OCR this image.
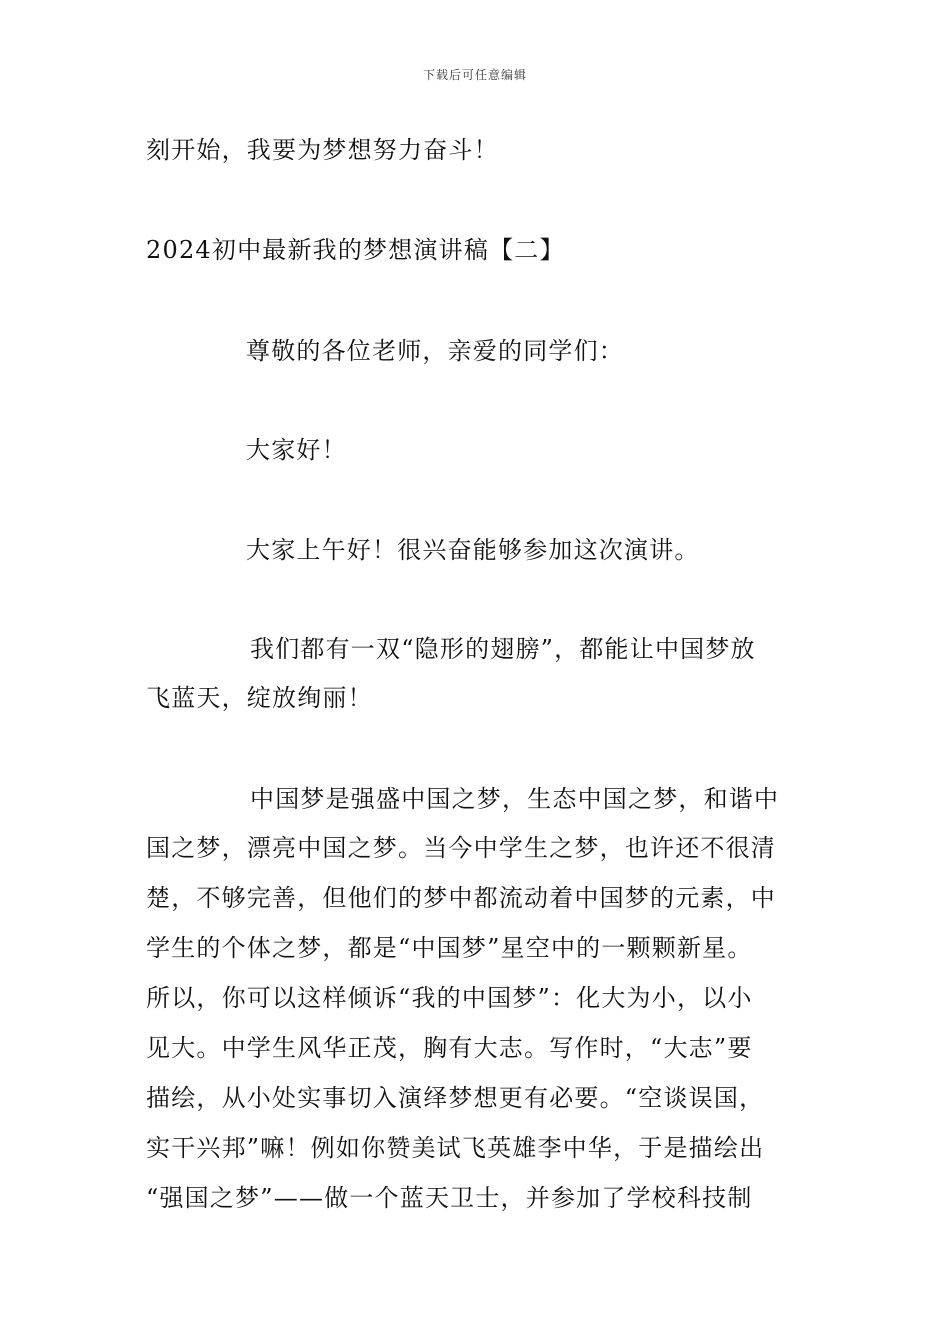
下载后可任意编辑
刻开始，我要为梦想努力奋斗！
2024初中最新我的梦想演讲稿【二】
尊敬的各位老师，亲爱的同学们：
大家好！
大家上午好！很兴奋能够参加这次演讲。
我们都有一双“隐形的翅膀”，都能让中国梦放
飞蓝天，绽放绚丽！
中国梦是强盛中国之梦，生态中国之梦，和谐中
国之梦，漂亮中国之梦。当今中学生之梦，也许还不很清
楚，不够完善，但他们的梦中都流动着中国梦的元素，中
学生的个体之梦，都是“中国梦”星空中的一颗颗新星。
所以，你可以这样倾诉“我的中国梦”：化大为小，以小
见大。中学生风华正茂，胸有大志。写作时，“大志”要
描绘，从小处实事切入演绎梦想更有必要。“空谈误国，
实干兴邦”嘛！例如你赞美试飞英雄李中华，于是描绘出
“强国之梦”——做一个蓝天卫士，并参加了学校科技制
